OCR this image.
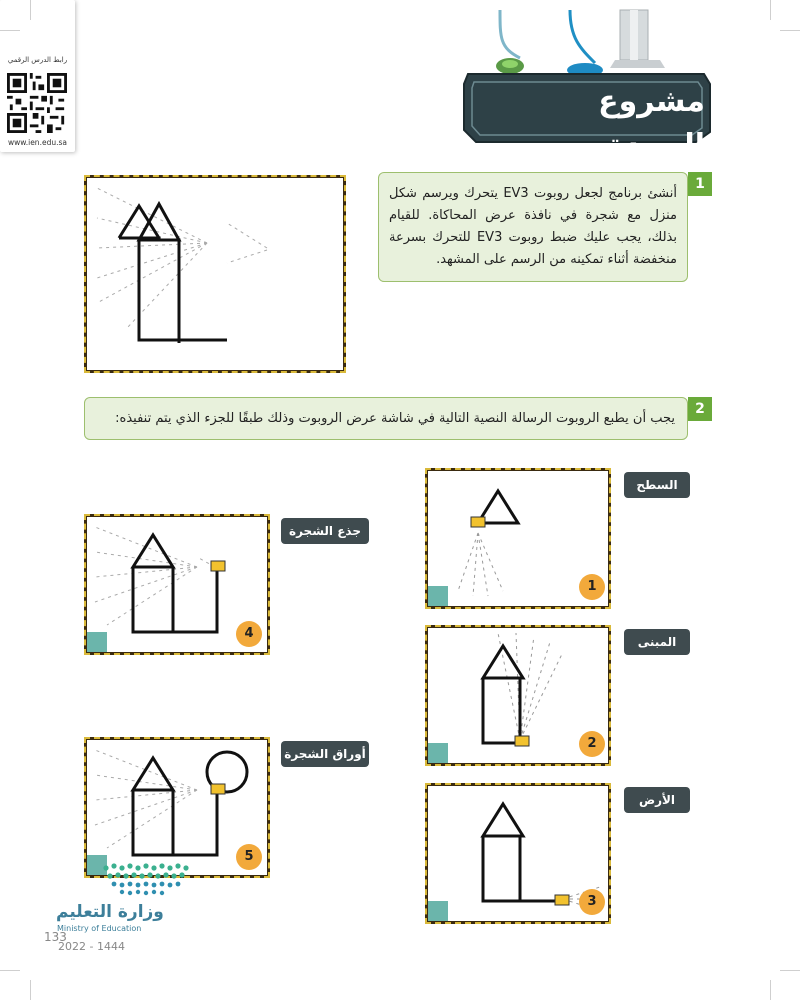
رابط الدرس الرقمي
www.ien.edu.sa
مشروع الوحدة
أنشئ برنامج لجعل روبوت EV3 يتحرك ويرسم شكل منزل مع شجرة في نافذة عرض المحاكاة. للقيام بذلك، يجب عليك ضبط روبوت EV3 للتحرك بسرعة منخفضة أثناء تمكينه من الرسم على المشهد.
1
يجب أن يطبع الروبوت الرسالة النصية التالية في شاشة عرض الروبوت وذلك طبقًا للجزء الذي يتم تنفيذه:
2
1
السطح
2
المبنى
3
الأرض
4
جذع الشجرة
5
أوراق الشجرة
وزارة التعليم
Ministry of Education
133
2022 - 1444
